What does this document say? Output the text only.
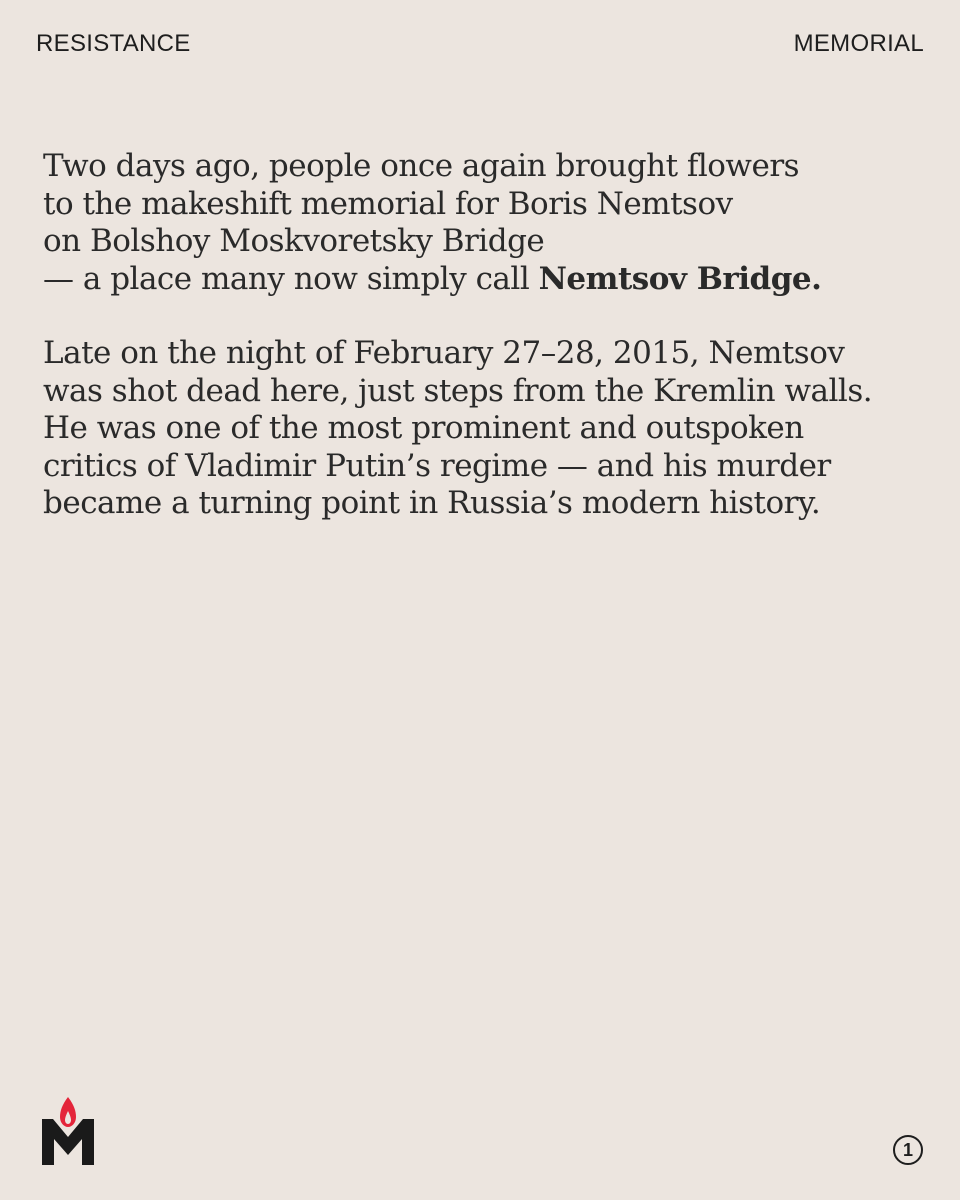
RESISTANCE	MEMORIAL

Two days ago, people once again brought flowers
to the makeshift memorial for Boris Nemtsov
on Bolshoy Moskvoretsky Bridge
— a place many now simply call Nemtsov Bridge.

Late on the night of February 27–28, 2015, Nemtsov
was shot dead here, just steps from the Kremlin walls.
He was one of the most prominent and outspoken
critics of Vladimir Putin’s regime — and his murder
became a turning point in Russia’s modern history.

1
